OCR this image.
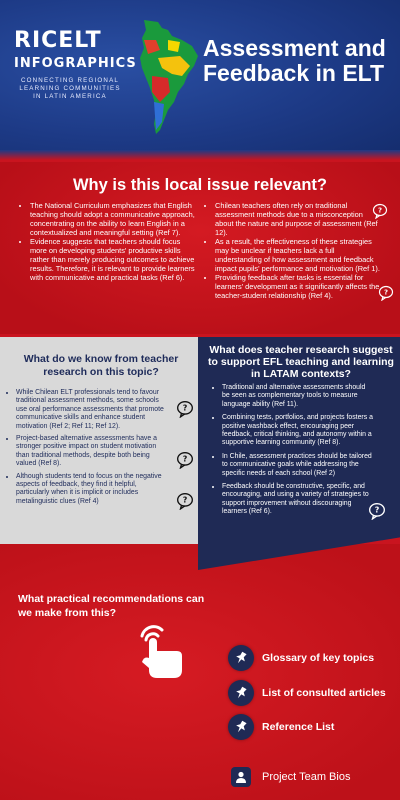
RICELT
INFOGRAPHICS
CONNECTING REGIONAL LEARNING COMMUNITIES IN LATIN AMERICA
Assessment and Feedback in ELT
Why is this local issue relevant?
• The National Curriculum emphasizes that English teaching should adopt a communicative approach, concentrating on the ability to learn English in a contextualized and meaningful setting (Ref 7).
• Evidence suggests that teachers should focus more on developing students' productive skills rather than merely producing outcomes to achieve results. Therefore, it is relevant to provide learners with communicative and practical tasks (Ref 6).
• Chilean teachers often rely on traditional assessment methods due to a misconception about the nature and purpose of assessment (Ref 12).
• As a result, the effectiveness of these strategies may be unclear if teachers lack a full understanding of how assessment and feedback impact pupils' performance and motivation (Ref 1).
• Providing feedback after tasks is essential for learners' development as it significantly affects the teacher-student relationship (Ref 4).
?
?
What do we know from teacher research on this topic?
• While Chilean ELT professionals tend to favour traditional assessment methods, some schools use oral performance assessments that promote communicative skills and enhance student motivation (Ref 2; Ref 11; Ref 12).
• Project-based alternative assessments have a stronger positive impact on student motivation than traditional methods, despite both being valued (Ref 8).
• Although students tend to focus on the negative aspects of feedback, they find it helpful, particularly when it is implicit or includes metalinguistic clues (Ref 4)
?
?
?
What does teacher research suggest to support EFL teaching and learning in LATAM contexts?
• Traditional and alternative assessments should be seen as complementary tools to measure language ability (Ref 11).
• Combining tests, portfolios, and projects fosters a positive washback effect, encouraging peer feedback, critical thinking, and autonomy within a supportive learning community (Ref 8).
• In Chile, assessment practices should be tailored to communicative goals while addressing the specific needs of each school (Ref 2)
• Feedback should be constructive, specific, and encouraging, and using a variety of strategies to support improvement without discouraging learners (Ref 6).	?
What practical recommendations can we make from this?
Glossary of key topics
List of consulted articles
Reference List
Project Team Bios
